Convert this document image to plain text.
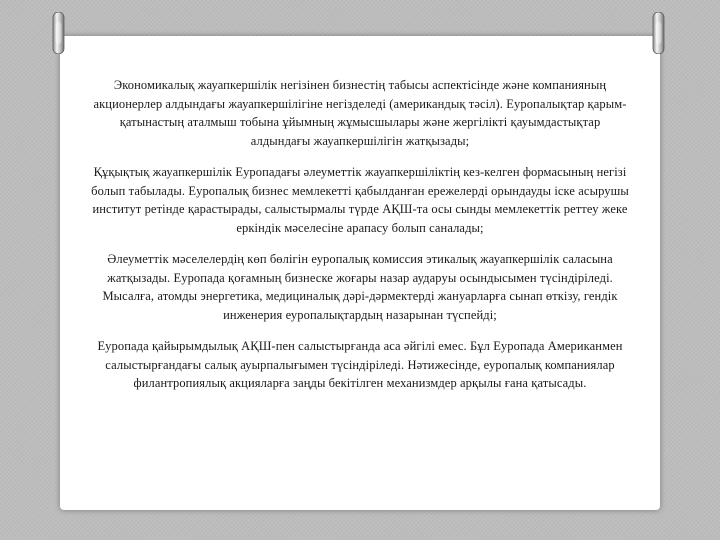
Экономикалық жауапкершілік негізінен бизнестің табысы аспектісінде және компанияның акционерлер алдындағы жауапкершілігіне негізделеді (американдық тәсіл). Еуропалықтар қарым-қатынастың аталмыш тобына ұйымның жұмысшылары және жергілікті қауымдастықтар алдындағы жауапкершілігін жатқызады;

Құқықтық жауапкершілік Еуропадағы әлеуметтік жауапкершіліктің кез-келген формасының негізі болып табылады. Еуропалық бизнес мемлекетті қабылданған ережелерді орындауды іске асырушы институт ретінде қарастырады, салыстырмалы түрде АҚШ-та осы сынды мемлекеттік реттеу жеке еркіндік мәселесіне арапасу болып саналады;

Әлеуметтік мәселелердің көп бөлігін еуропалық комиссия этикалық жауапкершілік саласына жатқызады. Еуропада қоғамның бизнеске жоғары назар аударуы осындысымен түсіндіріледі. Мысалға, атомды энергетика, медициналық дәрі-дәрмектерді жануарларға сынап өткізу, гендік инженерия еуропалықтардың назарынан түспейді;

Еуропада қайырымдылық АҚШ-пен салыстырғанда аса әйгілі емес. Бұл Еуропада Американмен салыстырғандағы салық ауырпалығымен түсіндіріледі. Нәтижесінде, еуропалық компаниялар филантропиялық акцияларға заңды бекітілген механизмдер арқылы ғана қатысады.
